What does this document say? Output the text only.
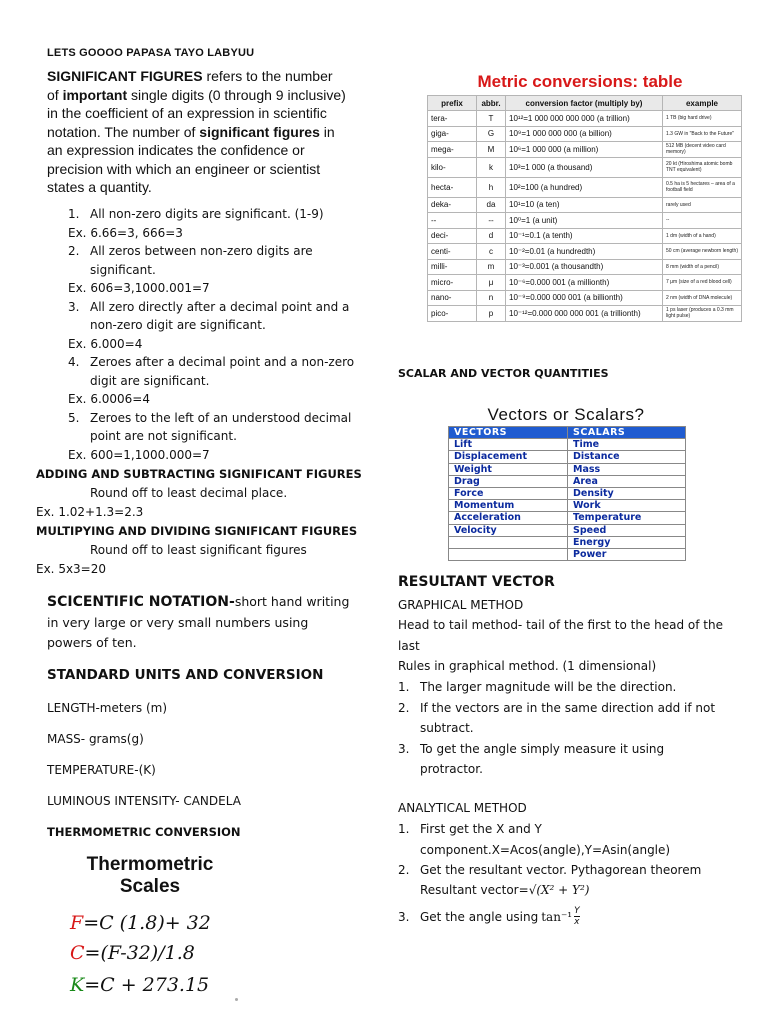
LETS GOOOO PAPASA TAYO LABYUU
SIGNIFICANT FIGURES refers to the number of important single digits (0 through 9 inclusive) in the coefficient of an expression in scientific notation. The number of significant figures in an expression indicates the confidence or precision with which an engineer or scientist states a quantity.
1. All non-zero digits are significant. (1-9)
Ex. 6.66=3, 666=3
2. All zeros between non-zero digits are significant.
Ex. 606=3,1000.001=7
3. All zero directly after a decimal point and a non-zero digit are significant.
Ex. 6.000=4
4. Zeroes after a decimal point and a non-zero digit are significant.
Ex. 6.0006=4
5. Zeroes to the left of an understood decimal point are not significant.
Ex. 600=1,1000.000=7
ADDING AND SUBTRACTING SIGNIFICANT FIGURES
Round off to least decimal place.
Ex. 1.02+1.3=2.3
MULTIPYING AND DIVIDING SIGNIFICANT FIGURES
Round off to least significant figures
Ex. 5x3=20
SCICENTIFIC NOTATION-short hand writing in very large or very small numbers using powers of ten.
STANDARD UNITS AND CONVERSION
LENGTH-meters (m)
MASS- grams(g)
TEMPERATURE-(K)
LUMINOUS INTENSITY- CANDELA
THERMOMETRIC CONVERSION
Thermometric
Scales
F=C (1.8)+ 32
C=(F-32)/1.8
K=C + 273.15
Metric conversions: table
prefix	abbr.	conversion factor (multiply by)	example
tera-	T	10¹²=1 000 000 000 000 (a trillion)	1 TB (big hard drive)
giga-	G	10⁹=1 000 000 000 (a billion)	1.3 GW in "Back to the Future"
mega-	M	10⁶=1 000 000 (a million)	512 MB (decent video card memory)
kilo-	k	10³=1 000 (a thousand)	20 kt (Hiroshima atomic bomb TNT equivalent)
hecta-	h	10²=100 (a hundred)	0.5 ha is 5 hectares – area of a football field
deka-	da	10¹=10 (a ten)	rarely used
--	--	10⁰=1 (a unit)	--
deci-	d	10⁻¹=0.1 (a tenth)	1 dm (width of a hand)
centi-	c	10⁻²=0.01 (a hundredth)	50 cm (average newborn length)
milli-	m	10⁻³=0.001 (a thousandth)	8 mm (width of a pencil)
micro-	μ	10⁻⁶=0.000 001 (a millionth)	7 μm (size of a red blood cell)
nano-	n	10⁻⁹=0.000 000 001 (a billionth)	2 nm (width of DNA molecule)
pico-	p	10⁻¹²=0.000 000 000 001 (a trillionth)	1 ps laser (produces a 0.3 mm light pulse)
SCALAR AND VECTOR QUANTITIES
Vectors or Scalars?
VECTORS	SCALARS
Lift	Time
Displacement	Distance
Weight	Mass
Drag	Area
Force	Density
Momentum	Work
Acceleration	Temperature
Velocity	Speed
	Energy
	Power
RESULTANT VECTOR
GRAPHICAL METHOD
Head to tail method- tail of the first to the head of the last
Rules in graphical method. (1 dimensional)
1. The larger magnitude will be the direction.
2. If the vectors are in the same direction add if not subtract.
3. To get the angle simply measure it using protractor.
ANALYTICAL METHOD
1. First get the X and Y component.X=Acos(angle),Y=Asin(angle)
2. Get the resultant vector. Pythagorean theorem
Resultant vector=√(X² + Y²)
3. Get the angle using $\tan^{-1} \frac{Y}{x}$
